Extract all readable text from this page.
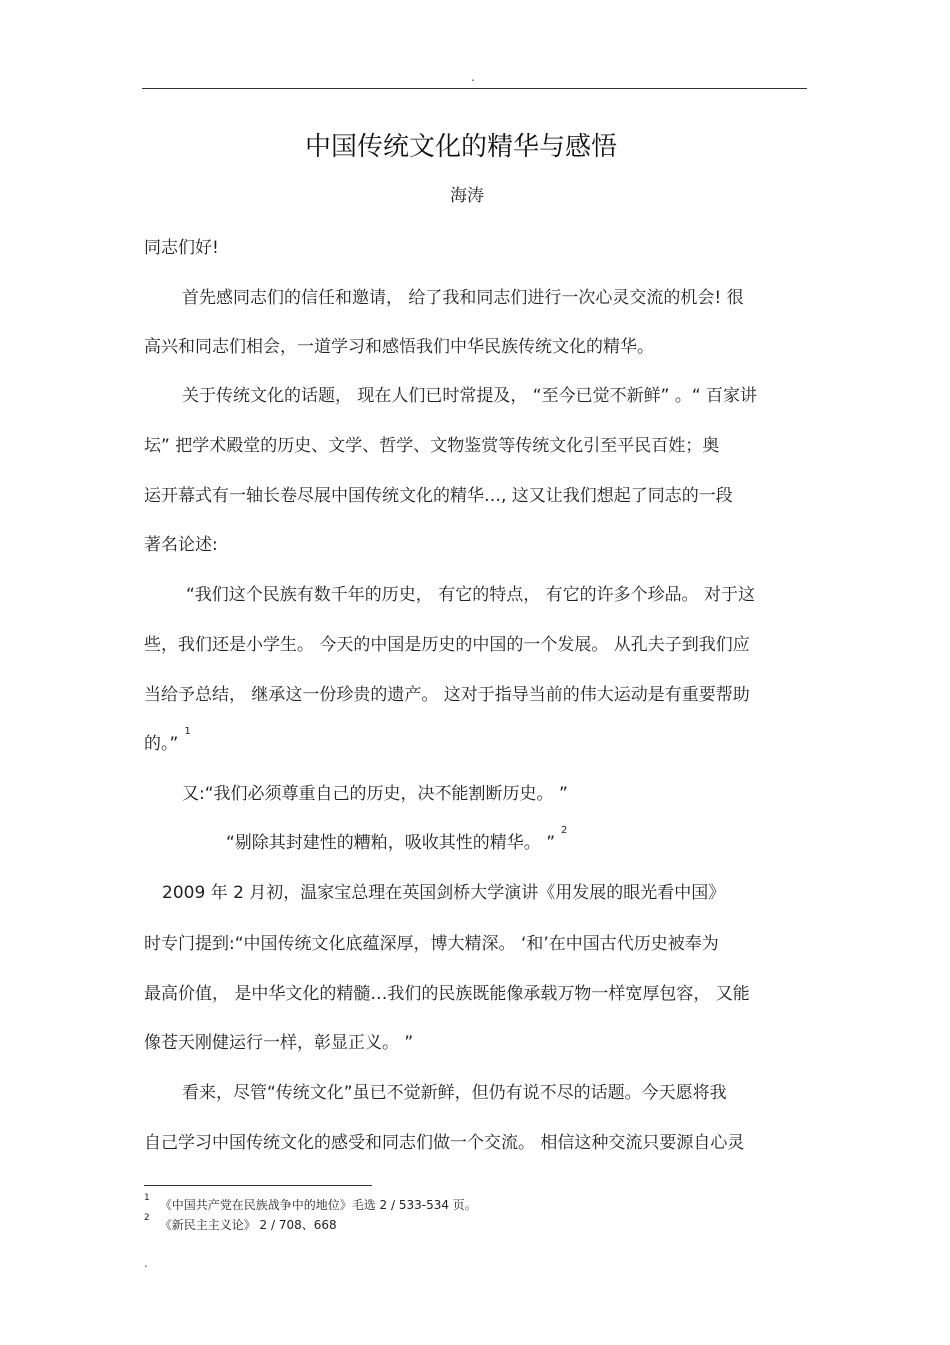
.
中国传统文化的精华与感悟
海涛
同志们好!
首先感同志们的信任和邀请， 给了我和同志们进行一次心灵交流的机会! 很
高兴和同志们相会，一道学习和感悟我们中华民族传统文化的精华。
关于传统文化的话题， 现在人们已时常提及， “至今已觉不新鲜” 。“ 百家讲
坛” 把学术殿堂的历史、文学、哲学、文物鉴赏等传统文化引至平民百姓；奥
运开幕式有一轴长卷尽展中国传统文化的精华…, 这又让我们想起了同志的一段
著名论述:
“我们这个民族有数千年的历史， 有它的特点， 有它的许多个珍品。 对于这
些，我们还是小学生。 今天的中国是历史的中国的一个发展。 从孔夫子到我们应
当给予总结， 继承这一份珍贵的遗产。 这对于指导当前的伟大运动是有重要帮助
的。”$^1$
又:“我们必须尊重自己的历史，决不能割断历史。 ”
“剔除其封建性的糟粕，吸收其性的精华。 ”$^2$
2009 年 2 月初，温家宝总理在英国剑桥大学演讲《用发展的眼光看中国》
时专门提到:“中国传统文化底蕴深厚，博大精深。 ‘和’在中国古代历史被奉为
最高价值， 是中华文化的精髓…我们的民族既能像承载万物一样宽厚包容， 又能
像苍天刚健运行一样，彰显正义。 ”
看来，尽管“传统文化”虽已不觉新鲜，但仍有说不尽的话题。今天愿将我
自己学习中国传统文化的感受和同志们做一个交流。 相信这种交流只要源自心灵
$^1$ 《中国共产党在民族战争中的地位》毛选 2 / 533-534 页。
$^2$ 《新民主主义论》 2 / 708、668
.
